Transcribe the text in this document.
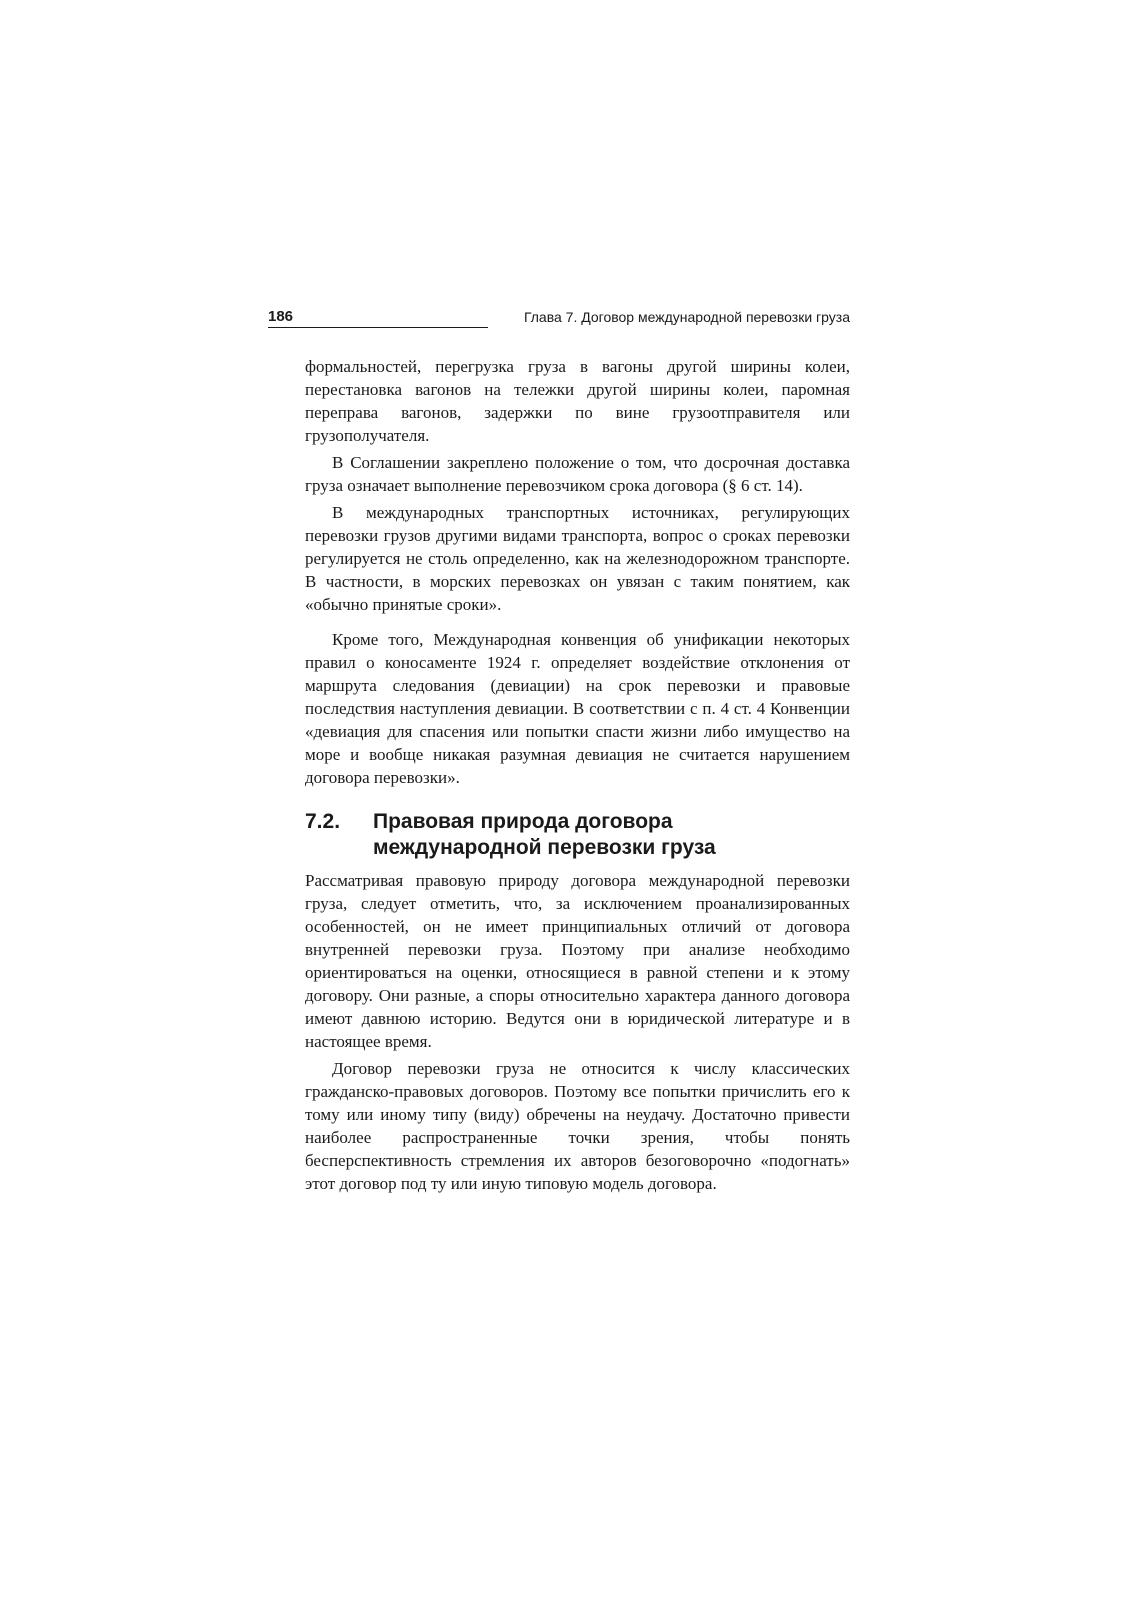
186	Глава 7. Договор международной перевозки груза

формальностей, перегрузка груза в вагоны другой ширины колеи, перестановка вагонов на тележки другой ширины колеи, паромная переправа вагонов, задержки по вине грузоотправителя или грузополучателя.

В Соглашении закреплено положение о том, что досрочная доставка груза означает выполнение перевозчиком срока договора (§ 6 ст. 14).

В международных транспортных источниках, регулирующих перевозки грузов другими видами транспорта, вопрос о сроках перевозки регулируется не столь определенно, как на железнодорожном транспорте. В частности, в морских перевозках он увязан с таким понятием, как «обычно принятые сроки».

Кроме того, Международная конвенция об унификации некоторых правил о коносаменте 1924 г. определяет воздействие отклонения от маршрута следования (девиации) на срок перевозки и правовые последствия наступления девиации. В соответствии с п. 4 ст. 4 Конвенции «девиация для спасения или попытки спасти жизни либо имущество на море и вообще никакая разумная девиация не считается нарушением договора перевозки».

7.2.	Правовая природа договора международной перевозки груза

Рассматривая правовую природу договора международной перевозки груза, следует отметить, что, за исключением проанализированных особенностей, он не имеет принципиальных отличий от договора внутренней перевозки груза. Поэтому при анализе необходимо ориентироваться на оценки, относящиеся в равной степени и к этому договору. Они разные, а споры относительно характера данного договора имеют давнюю историю. Ведутся они в юридической литературе и в настоящее время.

Договор перевозки груза не относится к числу классических гражданско-правовых договоров. Поэтому все попытки причислить его к тому или иному типу (виду) обречены на неудачу. Достаточно привести наиболее распространенные точки зрения, чтобы понять бесперспективность стремления их авторов безоговорочно «подогнать» этот договор под ту или иную типовую модель договора.
